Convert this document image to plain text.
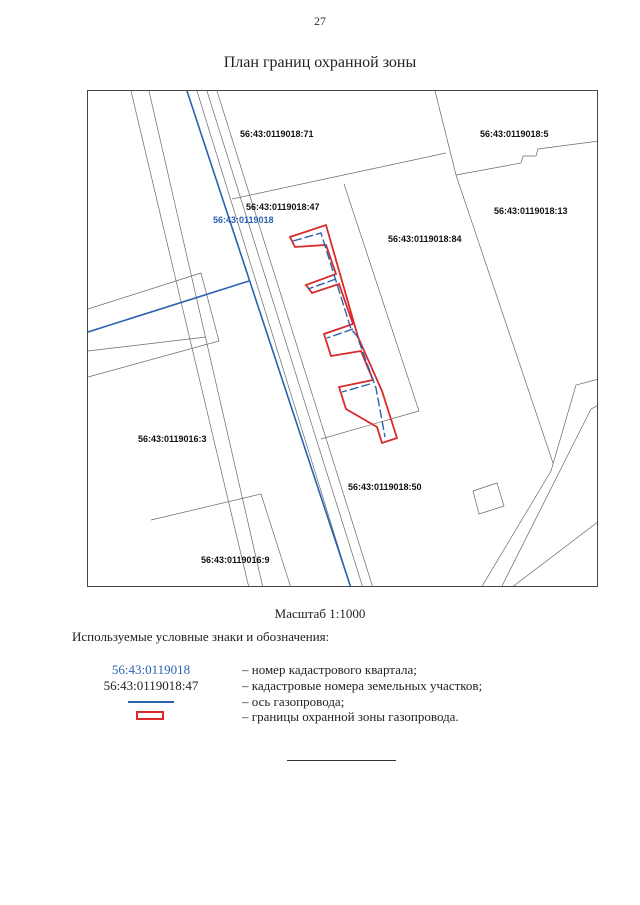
27
План границ охранной зоны
56:43:0119018:71	56:43:0119018:5
56:43:0119018:47
56:43:0119018
56:43:0119018:13
56:43:0119018:84
56:43:0119016:3
56:43:0119018:50
56:43:0119016:9
Масштаб 1:1000
Используемые условные знаки и обозначения:
56:43:0119018	– номер кадастрового квартала;
56:43:0119018:47	– кадастровые номера земельных участков;
– ось газопровода;
– границы охранной зоны газопровода.
